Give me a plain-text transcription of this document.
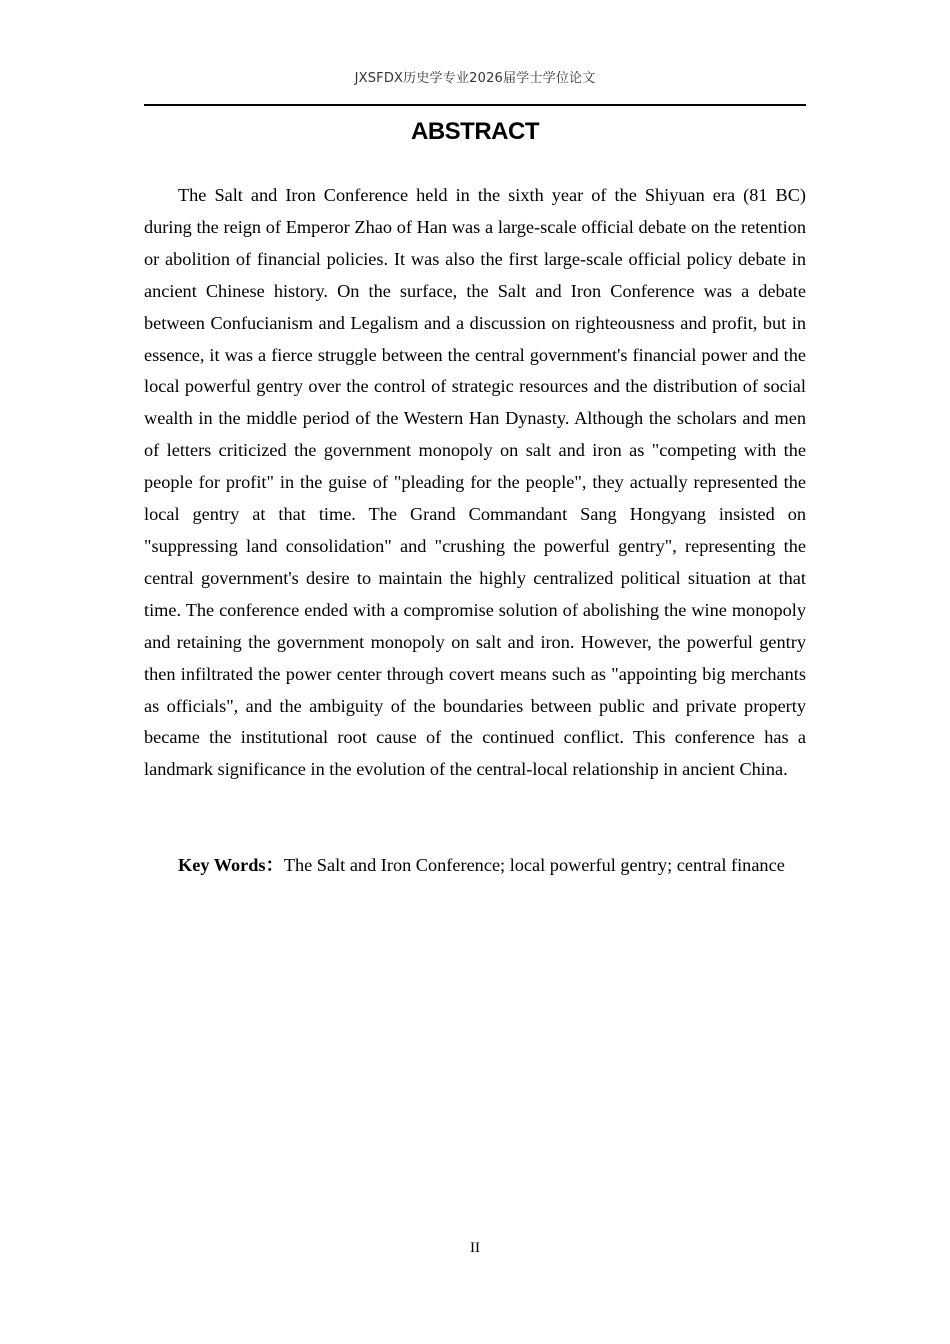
JXSFDX历史学专业2026届学士学位论文
ABSTRACT

The Salt and Iron Conference held in the sixth year of the Shiyuan era (81 BC) during the reign of Emperor Zhao of Han was a large-scale official debate on the retention or abolition of financial policies. It was also the first large-scale official policy debate in ancient Chinese history. On the surface, the Salt and Iron Conference was a debate between Confucianism and Legalism and a discussion on righteousness and profit, but in essence, it was a fierce struggle between the central government's financial power and the local powerful gentry over the control of strategic resources and the distribution of social wealth in the middle period of the Western Han Dynasty. Although the scholars and men of letters criticized the government monopoly on salt and iron as "competing with the people for profit" in the guise of "pleading for the people", they actually represented the local gentry at that time. The Grand Commandant Sang Hongyang insisted on "suppressing land consolidation" and "crushing the powerful gentry", representing the central government's desire to maintain the highly centralized political situation at that time. The conference ended with a compromise solution of abolishing the wine monopoly and retaining the government monopoly on salt and iron. However, the powerful gentry then infiltrated the power center through covert means such as "appointing big merchants as officials", and the ambiguity of the boundaries between public and private property became the institutional root cause of the continued conflict. This conference has a landmark significance in the evolution of the central-local relationship in ancient China.

Key Words：The Salt and Iron Conference; local powerful gentry; central finance

II
